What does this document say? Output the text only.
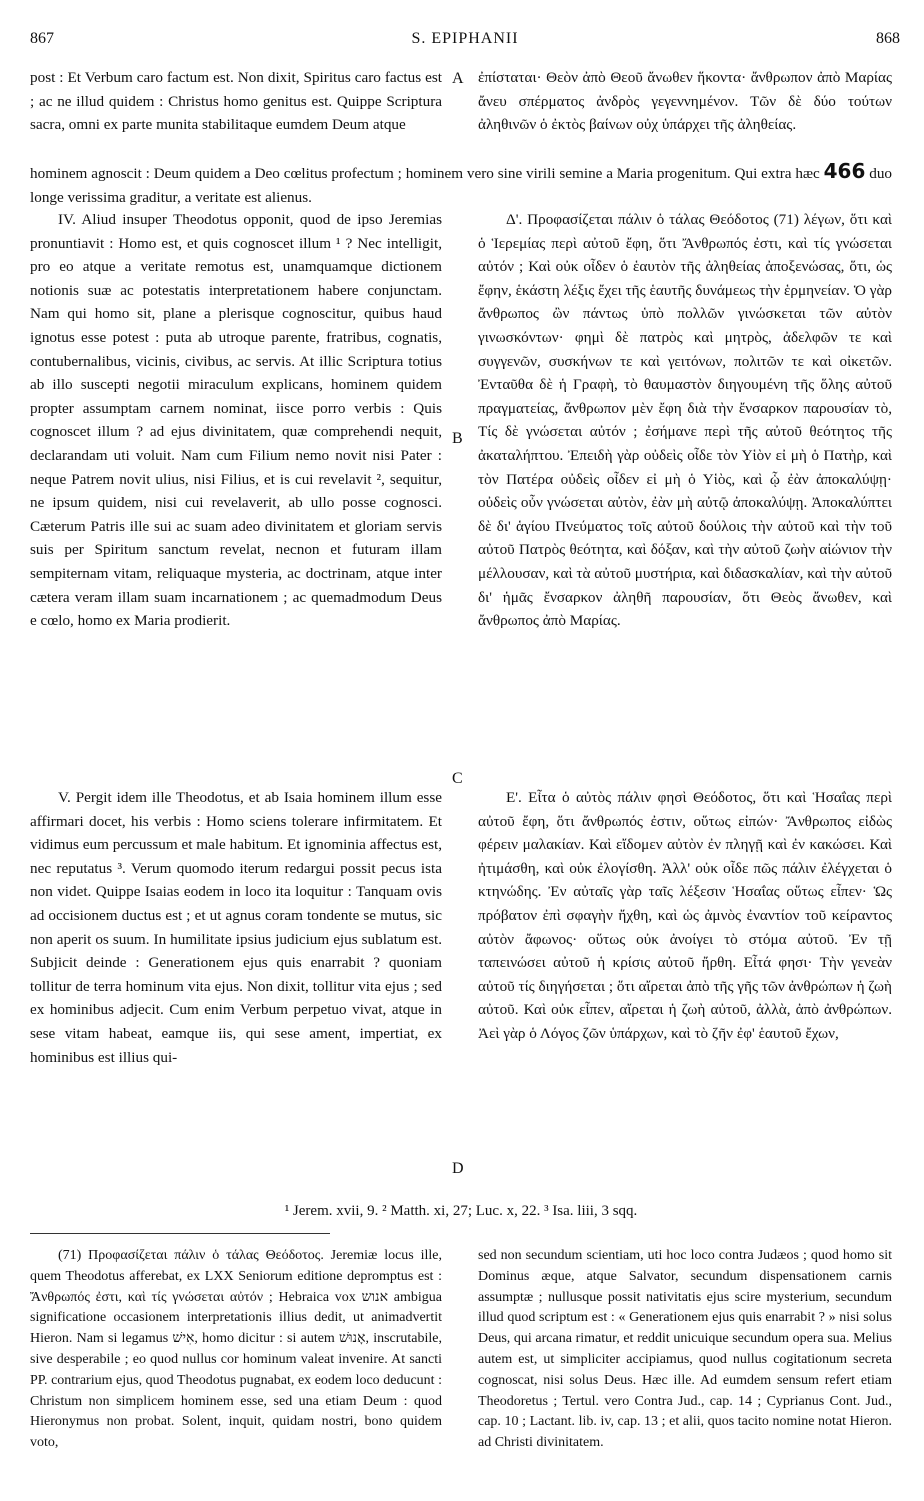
867	S. EPIPHANII	868

post : Et Verbum caro factum est. Non dixit, Spiritus caro factus est ; ac ne illud quidem : Christus homo genitus est. Quippe Scriptura sacra, omni ex parte munita stabilitaque eumdem Deum atque

A ἐπίσταται· Θεὸν ἀπὸ Θεοῦ ἄνωθεν ἥκοντα· ἄνθρωπον ἀπὸ Μαρίας ἄνευ σπέρματος ἀνδρὸς γεγεννημένον. Τῶν δὲ δύο τούτων ἀληθινῶν ὁ ἐκτὸς βαίνων οὐχ ὑπάρχει τῆς ἀληθείας.

hominem agnoscit : Deum quidem a Deo cœlitus profectum ; hominem vero sine virili semine a Maria progenitum. Qui extra hæc 466 duo longe verissima graditur, a veritate est alienus.

IV. Aliud insuper Theodotus opponit, quod de ipso Jeremias pronuntiavit : Homo est, et quis cognoscet illum ¹ ? Nec intelligit, pro eo atque a veritate remotus est, unamquamque dictionem notionis suæ ac potestatis interpretationem habere conjunctam. Nam qui homo sit, plane a plerisque cognoscitur, quibus haud ignotus esse potest : puta ab utroque parente, fratribus, cognatis, contubernalibus, vicinis, civibus, ac servis. At illic Scriptura totius ab illo suscepti negotii miraculum explicans, hominem quidem propter assumptam carnem nominat, iisce porro verbis : Quis cognoscet illum ? ad ejus divinitatem, quæ comprehendi nequit, declarandam uti voluit. Nam cum Filium nemo novit nisi Pater : neque Patrem novit ulius, nisi Filius, et is cui revelavit ², sequitur, ne ipsum quidem, nisi cui revelaverit, ab ullo posse cognosci. Cæterum Patris ille sui ac suam adeo divinitatem et gloriam servis suis per Spiritum sanctum revelat, necnon et futuram illam sempiternam vitam, reliquaque mysteria, ac doctrinam, atque inter cætera veram illam suam incarnationem ; ac quemadmodum Deus e cœlo, homo ex Maria prodierit.

B

Δ'. Προφασίζεται πάλιν ὁ τάλας Θεόδοτος (71) λέγων, ὅτι καὶ ὁ Ἱερεμίας περὶ αὐτοῦ ἔφη, ὅτι Ἄνθρωπός ἐστι, καὶ τίς γνώσεται αὐτόν ; Καὶ οὐκ οἶδεν ὁ ἑαυτὸν τῆς ἀληθείας ἀποξενώσας, ὅτι, ὡς ἔφην, ἑκάστη λέξις ἔχει τῆς ἑαυτῆς δυνάμεως τὴν ἑρμηνείαν. Ὁ γὰρ ἄνθρωπος ὢν πάντως ὑπὸ πολλῶν γινώσκεται τῶν αὐτὸν γινωσκόντων· φημὶ δὲ πατρὸς καὶ μητρὸς, ἀδελφῶν τε καὶ συγγενῶν, συσκήνων τε καὶ γειτόνων, πολιτῶν τε καὶ οἰκετῶν. Ἐνταῦθα δὲ ἡ Γραφὴ, τὸ θαυμαστὸν διηγουμένη τῆς ὅλης αὐτοῦ πραγματείας, ἄνθρωπον μὲν ἔφη διὰ τὴν ἔνσαρκον παρουσίαν τὸ, Τίς δὲ γνώσεται αὐτόν ; ἐσήμανε περὶ τῆς αὐτοῦ θεότητος τῆς ἀκαταλήπτου. Ἐπειδὴ γὰρ οὐδεὶς οἶδε τὸν Υἱὸν εἰ μὴ ὁ Πατὴρ, καὶ τὸν Πατέρα οὐδεὶς οἶδεν εἰ μὴ ὁ Υἱὸς, καὶ ᾧ ἐὰν ἀποκαλύψῃ· οὐδεὶς οὖν γνώσεται αὐτὸν, ἐὰν μὴ αὐτῷ ἀποκαλύψῃ. Ἀποκαλύπτει δὲ δι' ἁγίου Πνεύματος τοῖς αὐτοῦ δούλοις τὴν αὐτοῦ καὶ τὴν τοῦ αὐτοῦ Πατρὸς θεότητα, καὶ δόξαν, καὶ τὴν αὐτοῦ ζωὴν αἰώνιον τὴν μέλλουσαν, καὶ τὰ αὐτοῦ μυστήρια, καὶ διδασκαλίαν, καὶ τὴν αὐτοῦ δι' ἡμᾶς ἔνσαρκον ἀληθῆ παρουσίαν, ὅτι Θεὸς ἄνωθεν, καὶ ἄνθρωπος ἀπὸ Μαρίας.

C

V. Pergit idem ille Theodotus, et ab Isaia hominem illum esse affirmari docet, his verbis : Homo sciens tolerare infirmitatem. Et vidimus eum percussum et male habitum. Et ignominia affectus est, nec reputatus ³. Verum quomodo iterum redargui possit pecus ista non videt. Quippe Isaias eodem in loco ita loquitur : Tanquam ovis ad occisionem ductus est ; et ut agnus coram tondente se mutus, sic non aperit os suum. In humilitate ipsius judicium ejus sublatum est. Subjicit deinde : Generationem ejus quis enarrabit ? quoniam tollitur de terra hominum vita ejus. Non dixit, tollitur vita ejus ; sed ex hominibus adjecit. Cum enim Verbum perpetuo vivat, atque in sese vitam habeat, eamque iis, qui sese ament, impertiat, ex hominibus est illius qui-

D

Ε'. Εἶτα ὁ αὐτὸς πάλιν φησὶ Θεόδοτος, ὅτι καὶ Ἡσαΐας περὶ αὐτοῦ ἔφη, ὅτι ἄνθρωπός ἐστιν, οὕτως εἰπών· Ἄνθρωπος εἰδὼς φέρειν μαλακίαν. Καὶ εἴδομεν αὐτὸν ἐν πληγῇ καὶ ἐν κακώσει. Καὶ ἠτιμάσθη, καὶ οὐκ ἐλογίσθη. Ἀλλ' οὐκ οἶδε πῶς πάλιν ἐλέγχεται ὁ κτηνώδης. Ἐν αὐταῖς γὰρ ταῖς λέξεσιν Ἡσαΐας οὕτως εἶπεν· Ὡς πρόβατον ἐπὶ σφαγὴν ἤχθη, καὶ ὡς ἀμνὸς ἐναντίον τοῦ κείραντος αὐτὸν ἄφωνος· οὕτως οὐκ ἀνοίγει τὸ στόμα αὐτοῦ. Ἐν τῇ ταπεινώσει αὐτοῦ ἡ κρίσις αὐτοῦ ἤρθη. Εἶτά φησι· Τὴν γενεὰν αὐτοῦ τίς διηγήσεται ; ὅτι αἴρεται ἀπὸ τῆς γῆς τῶν ἀνθρώπων ἡ ζωὴ αὐτοῦ. Καὶ οὐκ εἶπεν, αἴρεται ἡ ζωὴ αὐτοῦ, ἀλλὰ, ἀπὸ ἀνθρώπων. Ἀεὶ γὰρ ὁ Λόγος ζῶν ὑπάρχων, καὶ τὸ ζῆν ἐφ' ἑαυτοῦ ἔχων,

¹ Jerem. xvii, 9. ² Matth. xi, 27; Luc. x, 22. ³ Isa. liii, 3 sqq.

(71) Προφασίζεται πάλιν ὁ τάλας Θεόδοτος. Jeremiæ locus ille, quem Theodotus afferebat, ex LXX Seniorum editione depromptus est : Ἄνθρωπός ἐστι, καὶ τίς γνώσεται αὐτόν ; Hebraica vox אנוש ambigua significatione occasionem interpretationis illius dedit, ut animadvertit Hieron. Nam si legamus אִישׁ, homo dicitur : si autem אָנוּשׁ, inscrutabile, sive desperabile ; eo quod nullus cor hominum valeat invenire. At sancti PP. contrarium ejus, quod Theodotus pugnabat, ex eodem loco deducunt : Christum non simplicem hominem esse, sed una etiam Deum : quod Hieronymus non probat. Solent, inquit, quidam nostri, bono quidem voto,

sed non secundum scientiam, uti hoc loco contra Judæos ; quod homo sit Dominus æque, atque Salvator, secundum dispensationem carnis assumptæ ; nullusque possit nativitatis ejus scire mysterium, secundum illud quod scriptum est : « Generationem ejus quis enarrabit ? » nisi solus Deus, qui arcana rimatur, et reddit unicuique secundum opera sua. Melius autem est, ut simpliciter accipiamus, quod nullus cogitationum secreta cognoscat, nisi solus Deus. Hæc ille. Ad eumdem sensum refert etiam Theodoretus ; Tertul. vero Contra Jud., cap. 14 ; Cyprianus Cont. Jud., cap. 10 ; Lactant. lib. iv, cap. 13 ; et alii, quos tacito nomine notat Hieron. ad Christi divinitatem.
